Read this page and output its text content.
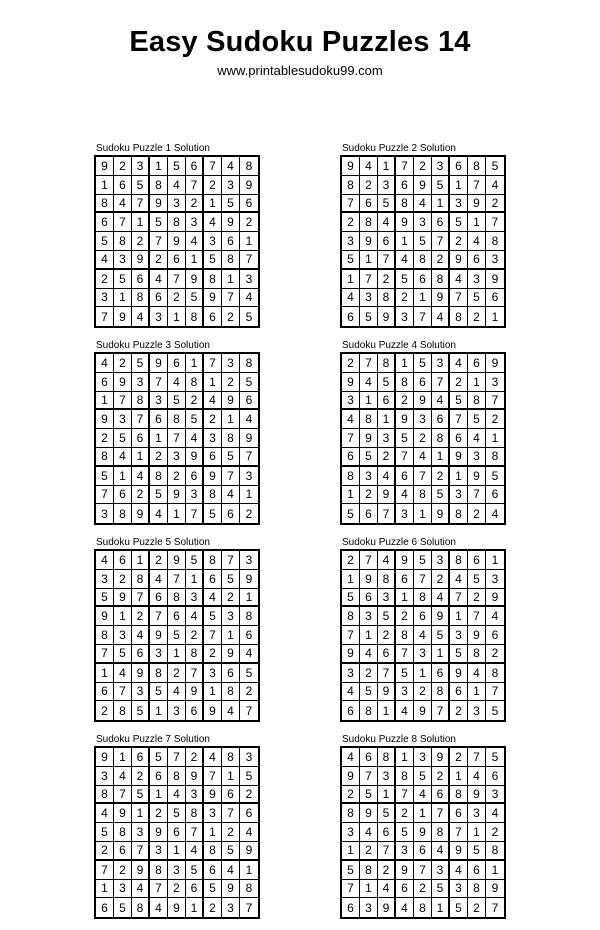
Easy Sudoku Puzzles 14
www.printablesudoku99.com
Sudoku Puzzle 1 Solution
9 2 3 1 5 6 7 4 8
1 6 5 8 4 7 2 3 9
8 4 7 9 3 2 1 5 6
6 7 1 5 8 3 4 9 2
5 8 2 7 9 4 3 6 1
4 3 9 2 6 1 5 8 7
2 5 6 4 7 9 8 1 3
3 1 8 6 2 5 9 7 4
7 9 4 3 1 8 6 2 5
Sudoku Puzzle 2 Solution
9 4 1 7 2 3 6 8 5
8 2 3 6 9 5 1 7 4
7 6 5 8 4 1 3 9 2
2 8 4 9 3 6 5 1 7
3 9 6 1 5 7 2 4 8
5 1 7 4 8 2 9 6 3
1 7 2 5 6 8 4 3 9
4 3 8 2 1 9 7 5 6
6 5 9 3 7 4 8 2 1
Sudoku Puzzle 3 Solution
4 2 5 9 6 1 7 3 8
6 9 3 7 4 8 1 2 5
1 7 8 3 5 2 4 9 6
9 3 7 6 8 5 2 1 4
2 5 6 1 7 4 3 8 9
8 4 1 2 3 9 6 5 7
5 1 4 8 2 6 9 7 3
7 6 2 5 9 3 8 4 1
3 8 9 4 1 7 5 6 2
Sudoku Puzzle 4 Solution
2 7 8 1 5 3 4 6 9
9 4 5 8 6 7 2 1 3
3 1 6 2 9 4 5 8 7
4 8 1 9 3 6 7 5 2
7 9 3 5 2 8 6 4 1
6 5 2 7 4 1 9 3 8
8 3 4 6 7 2 1 9 5
1 2 9 4 8 5 3 7 6
5 6 7 3 1 9 8 2 4
Sudoku Puzzle 5 Solution
4 6 1 2 9 5 8 7 3
3 2 8 4 7 1 6 5 9
5 9 7 6 8 3 4 2 1
9 1 2 7 6 4 5 3 8
8 3 4 9 5 2 7 1 6
7 5 6 3 1 8 2 9 4
1 4 9 8 2 7 3 6 5
6 7 3 5 4 9 1 8 2
2 8 5 1 3 6 9 4 7
Sudoku Puzzle 6 Solution
2 7 4 9 5 3 8 6 1
1 9 8 6 7 2 4 5 3
5 6 3 1 8 4 7 2 9
8 3 5 2 6 9 1 7 4
7 1 2 8 4 5 3 9 6
9 4 6 7 3 1 5 8 2
3 2 7 5 1 6 9 4 8
4 5 9 3 2 8 6 1 7
6 8 1 4 9 7 2 3 5
Sudoku Puzzle 7 Solution
9 1 6 5 7 2 4 8 3
3 4 2 6 8 9 7 1 5
8 7 5 1 4 3 9 6 2
4 9 1 2 5 8 3 7 6
5 8 3 9 6 7 1 2 4
2 6 7 3 1 4 8 5 9
7 2 9 8 3 5 6 4 1
1 3 4 7 2 6 5 9 8
6 5 8 4 9 1 2 3 7
Sudoku Puzzle 8 Solution
4 6 8 1 3 9 2 7 5
9 7 3 8 5 2 1 4 6
2 5 1 7 4 6 8 9 3
8 9 5 2 1 7 6 3 4
3 4 6 5 9 8 7 1 2
1 2 7 3 6 4 9 5 8
5 8 2 9 7 3 4 6 1
7 1 4 6 2 5 3 8 9
6 3 9 4 8 1 5 2 7
